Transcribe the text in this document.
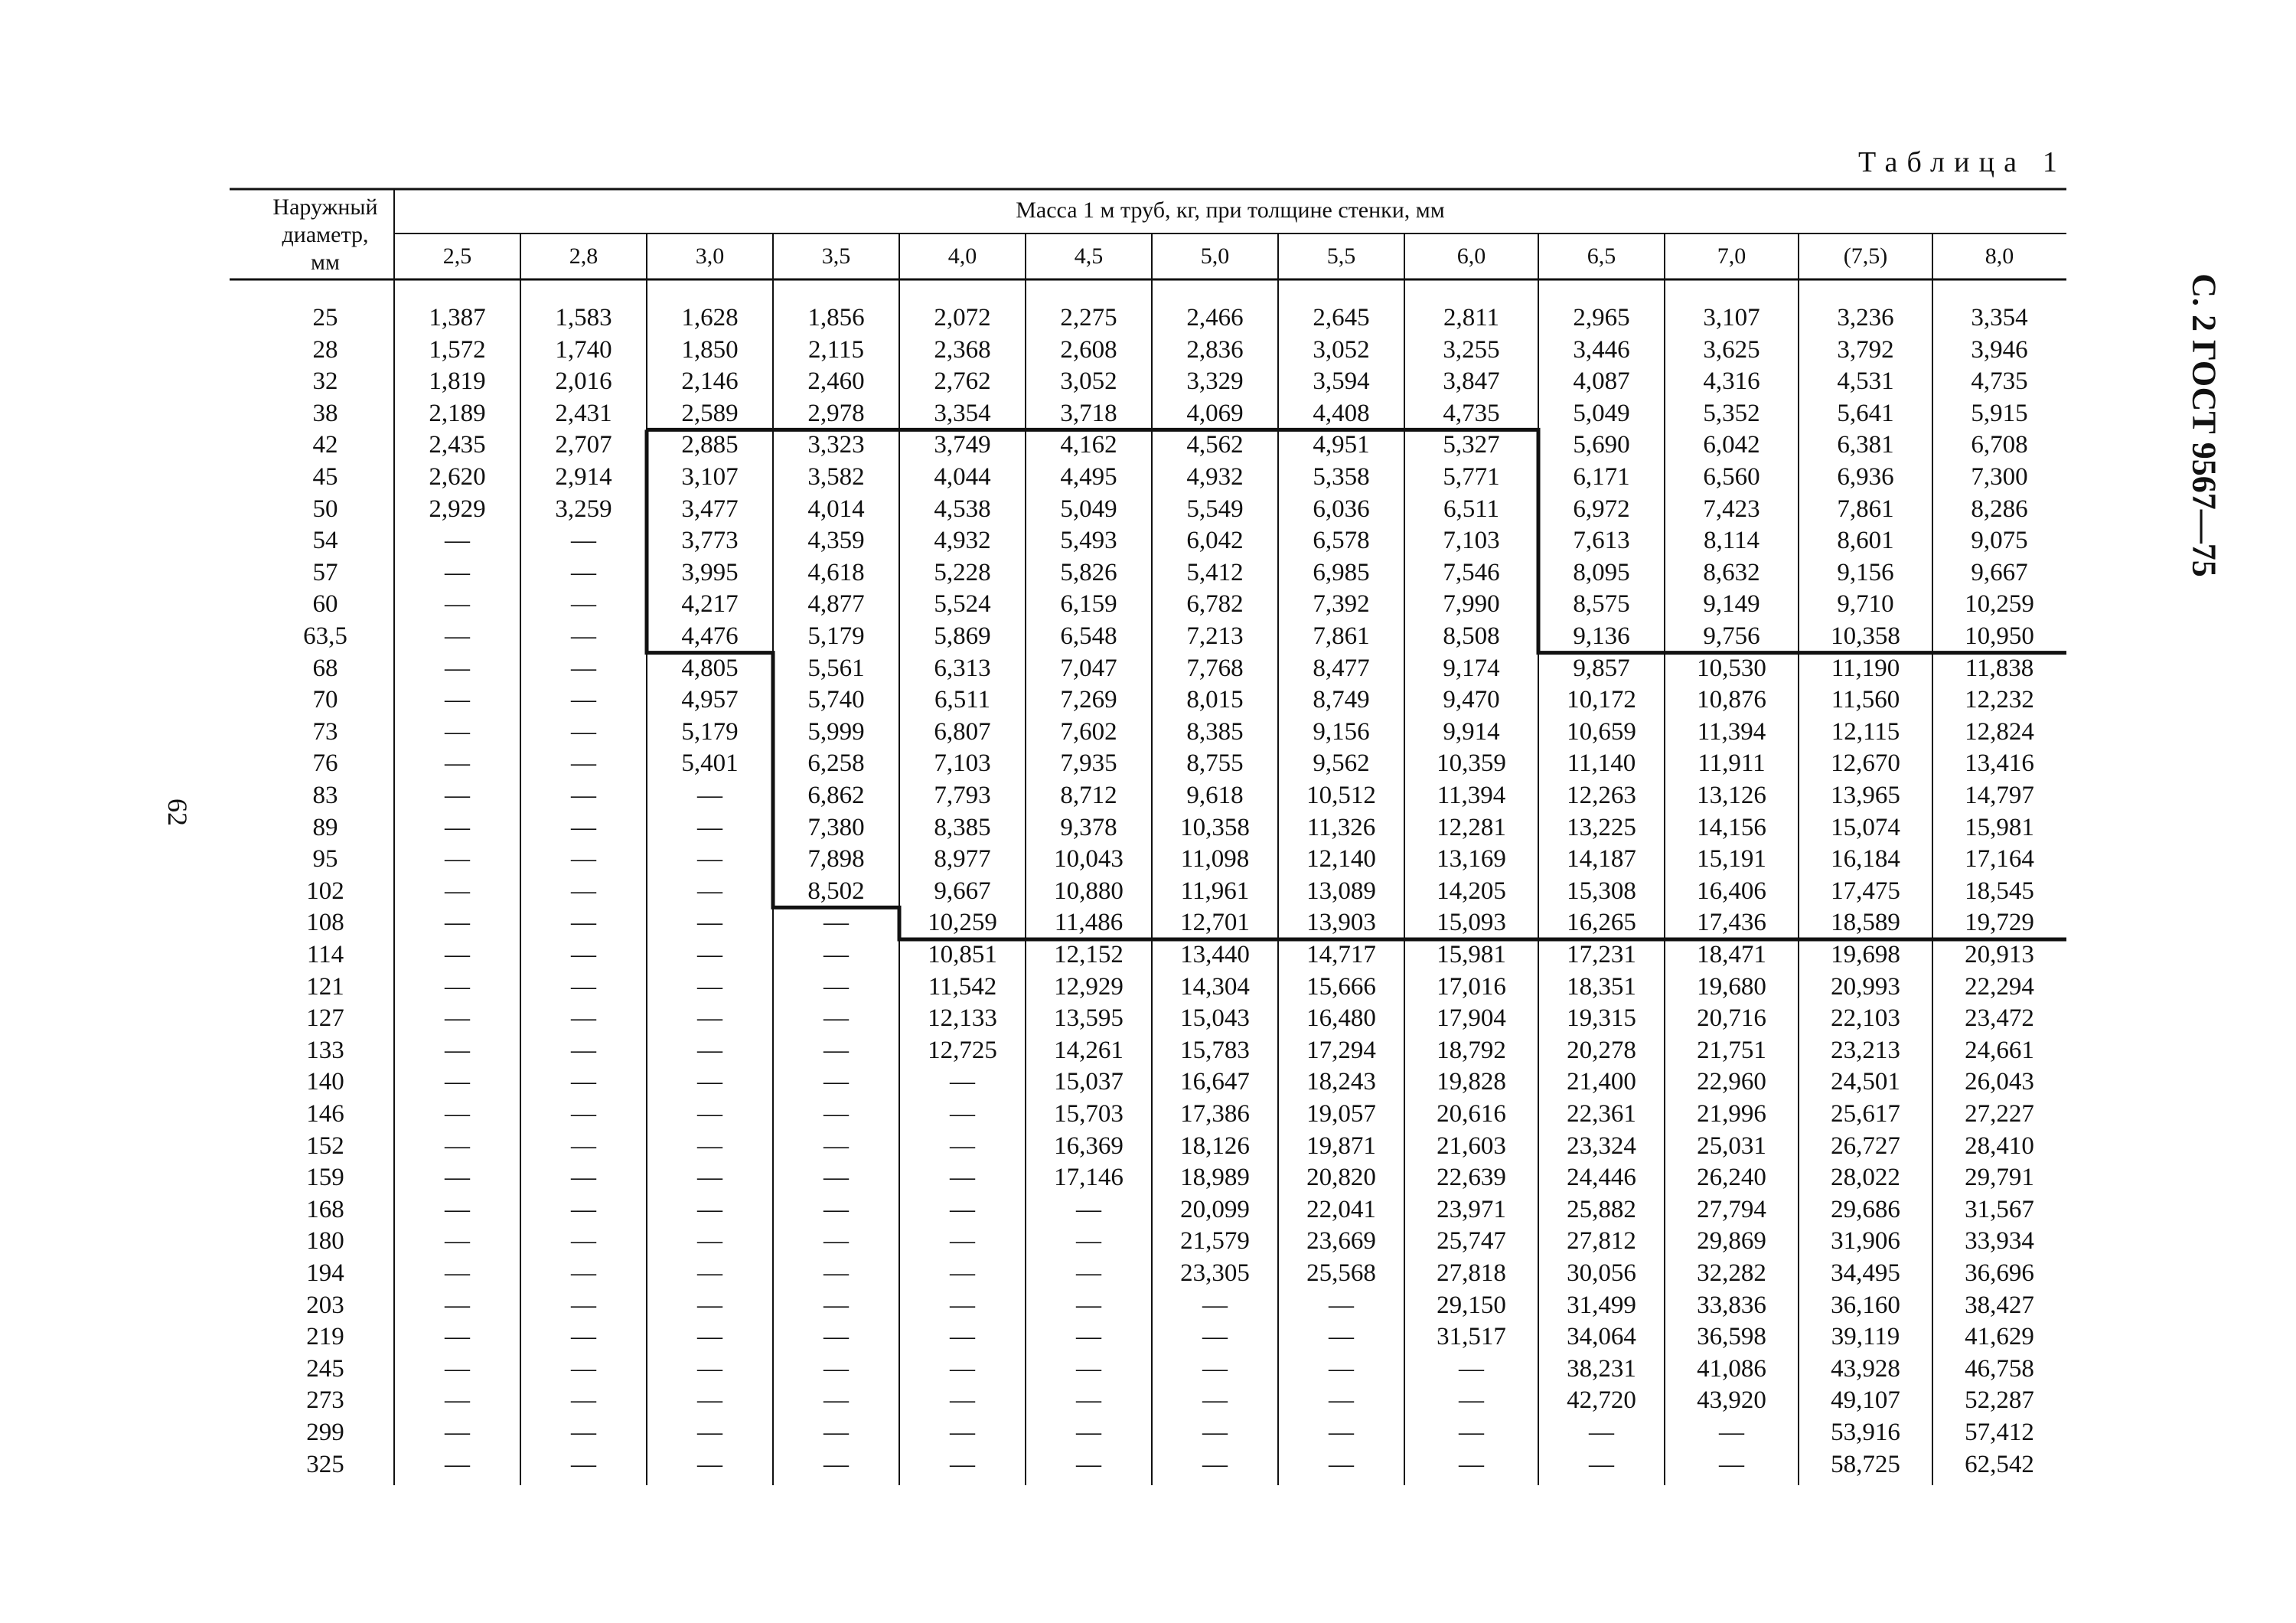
Таблица 1
62
С. 2 ГОСТ 9567—75
Наружный
диаметр,
мм
Масса 1 м труб, кг, при толщине стенки, мм
2,5	2,8	3,0	3,5	4,0	4,5	5,0	5,5	6,0	6,5	7,0	(7,5)	8,0
25	1,387	1,583	1,628	1,856	2,072	2,275	2,466	2,645	2,811	2,965	3,107	3,236	3,354
28	1,572	1,740	1,850	2,115	2,368	2,608	2,836	3,052	3,255	3,446	3,625	3,792	3,946
32	1,819	2,016	2,146	2,460	2,762	3,052	3,329	3,594	3,847	4,087	4,316	4,531	4,735
38	2,189	2,431	2,589	2,978	3,354	3,718	4,069	4,408	4,735	5,049	5,352	5,641	5,915
42	2,435	2,707	2,885	3,323	3,749	4,162	4,562	4,951	5,327	5,690	6,042	6,381	6,708
45	2,620	2,914	3,107	3,582	4,044	4,495	4,932	5,358	5,771	6,171	6,560	6,936	7,300
50	2,929	3,259	3,477	4,014	4,538	5,049	5,549	6,036	6,511	6,972	7,423	7,861	8,286
54	—	—	3,773	4,359	4,932	5,493	6,042	6,578	7,103	7,613	8,114	8,601	9,075
57	—	—	3,995	4,618	5,228	5,826	5,412	6,985	7,546	8,095	8,632	9,156	9,667
60	—	—	4,217	4,877	5,524	6,159	6,782	7,392	7,990	8,575	9,149	9,710	10,259
63,5	—	—	4,476	5,179	5,869	6,548	7,213	7,861	8,508	9,136	9,756	10,358	10,950
68	—	—	4,805	5,561	6,313	7,047	7,768	8,477	9,174	9,857	10,530	11,190	11,838
70	—	—	4,957	5,740	6,511	7,269	8,015	8,749	9,470	10,172 10,876	11,560	12,232
73	—	—	5,179	5,999	6,807	7,602	8,385	9,156	9,914	10,659 11,394	12,115	12,824
76	—	—	5,401	6,258	7,103	7,935	8,755	9,562	10,359 11,140 11,911	12,670	13,416
83	—	—	—	6,862	7,793	8,712	9,618	10,512 11,394 12,263 13,126	13,965	14,797
89	—	—	—	7,380	8,385	9,378	10,358 11,326 12,281 13,225 14,156	15,074	15,981
95	—	—	—	7,898	8,977	10,043 11,098 12,140 13,169 14,187 15,191	16,184	17,164
102	—	—	—	8,502	9,667	10,880 11,961 13,089 14,205 15,308 16,406	17,475	18,545
108	—	—	—	—	10,259 11,486 12,701 13,903 15,093 16,265 17,436	18,589	19,729
114	—	—	—	—	10,851 12,152 13,440 14,717 15,981 17,231 18,471	19,698	20,913
121	—	—	—	—	11,542 12,929 14,304 15,666 17,016 18,351 19,680	20,993	22,294
127	—	—	—	—	12,133 13,595 15,043 16,480 17,904 19,315 20,716	22,103	23,472
133	—	—	—	—	12,725 14,261 15,783 17,294 18,792 20,278 21,751	23,213	24,661
140	—	—	—	—	—	15,037 16,647 18,243 19,828 21,400 22,960	24,501	26,043
146	—	—	—	—	—	15,703 17,386 19,057 20,616 22,361 21,996	25,617	27,227
152	—	—	—	—	—	16,369 18,126 19,871 21,603 23,324 25,031	26,727	28,410
159	—	—	—	—	—	17,146 18,989 20,820 22,639 24,446 26,240	28,022	29,791
168	—	—	—	—	—	—	20,099 22,041 23,971 25,882 27,794	29,686	31,567
180	—	—	—	—	—	—	21,579 23,669 25,747 27,812 29,869	31,906	33,934
194	—	—	—	—	—	—	23,305 25,568 27,818 30,056 32,282	34,495	36,696
203	—	—	—	—	—	—	—	—	29,150 31,499 33,836	36,160	38,427
219	—	—	—	—	—	—	—	—	31,517 34,064 36,598	39,119	41,629
245	—	—	—	—	—	—	—	—	—	38,231 41,086	43,928	46,758
273	—	—	—	—	—	—	—	—	—	42,720 43,920	49,107	52,287
299	—	—	—	—	—	—	—	—	—	—	—	53,916	57,412
325	—	—	—	—	—	—	—	—	—	—	—	58,725	62,542
